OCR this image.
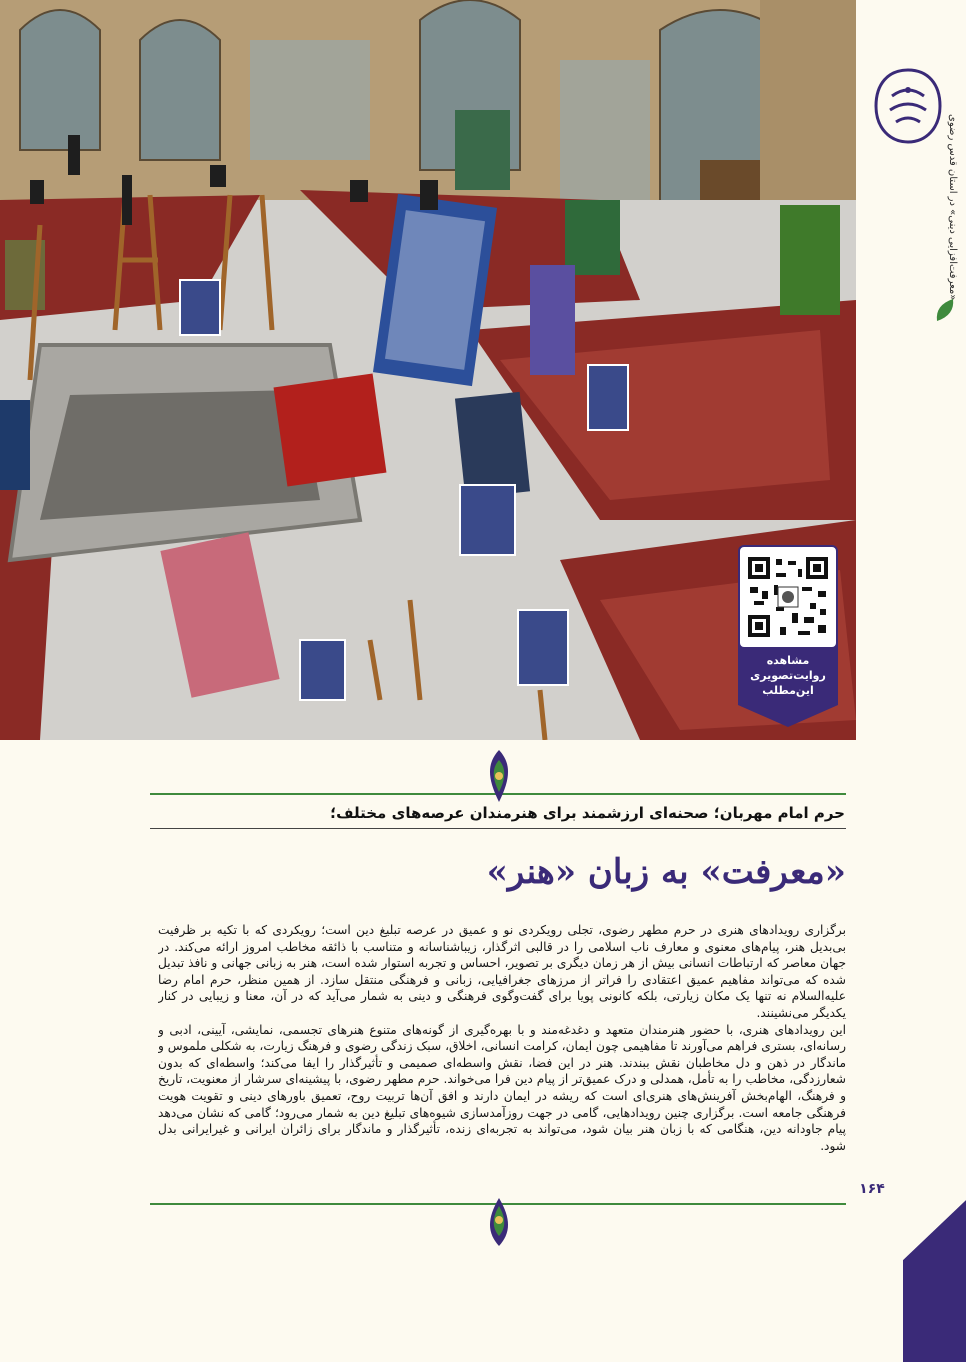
«معرفت‌افزایی دینی» در آستان قدس رضوی
۱۶۴
مشاهده
روایت‌تصویری
این‌مطلب
حرم امام مهربان؛ صحنه‌ای ارزشمند برای هنرمندان عرصه‌های مختلف؛
«معرفت» به زبان «هنر»

برگزاری رویدادهای هنری در حرم مطهر رضوی، تجلی رویکردی نو و عمیق در عرصه تبلیغ دین است؛ رویکردی که با تکیه بر ظرفیت بی‌بدیل هنر، پیام‌های معنوی و معارف ناب اسلامی را در قالبی اثرگذار، زیباشناسانه و متناسب با ذائقه مخاطب امروز ارائه می‌کند. در جهان معاصر که ارتباطات انسانی بیش از هر زمان دیگری بر تصویر، احساس و تجربه استوار شده است، هنر به زبانی جهانی و نافذ تبدیل شده که می‌تواند مفاهیم عمیق اعتقادی را فراتر از مرزهای جغرافیایی، زبانی و فرهنگی منتقل سازد. از همین منظر، حرم امام رضا علیه‌السلام نه تنها یک مکان زیارتی، بلکه کانونی پویا برای گفت‌وگوی فرهنگی و دینی به شمار می‌آید که در آن، معنا و زیبایی در کنار یکدیگر می‌نشینند.

این رویدادهای هنری، با حضور هنرمندان متعهد و دغدغه‌مند و با بهره‌گیری از گونه‌های متنوع هنرهای تجسمی، نمایشی، آیینی، ادبی و رسانه‌ای، بستری فراهم می‌آورند تا مفاهیمی چون ایمان، کرامت انسانی، اخلاق، سبک زندگی رضوی و فرهنگ زیارت، به شکلی ملموس و ماندگار در ذهن و دل مخاطبان نقش ببندند. هنر در این فضا، نقش واسطه‌ای صمیمی و تأثیرگذار را ایفا می‌کند؛ واسطه‌ای که بدون شعارزدگی، مخاطب را به تأمل، همدلی و درک عمیق‌تر از پیام دین فرا می‌خواند. حرم مطهر رضوی، با پیشینه‌ای سرشار از معنویت، تاریخ و فرهنگ، الهام‌بخش آفرینش‌های هنری‌ای است که ریشه در ایمان دارند و افق آن‌ها تربیت روح، تعمیق باورهای دینی و تقویت هویت فرهنگی جامعه است. برگزاری چنین رویدادهایی، گامی در جهت روزآمدسازی شیوه‌های تبلیغ دین به شمار می‌رود؛ گامی که نشان می‌دهد پیام جاودانه دین، هنگامی که با زبان هنر بیان شود، می‌تواند به تجربه‌ای زنده، تأثیرگذار و ماندگار برای زائران ایرانی و غیرایرانی بدل شود.
